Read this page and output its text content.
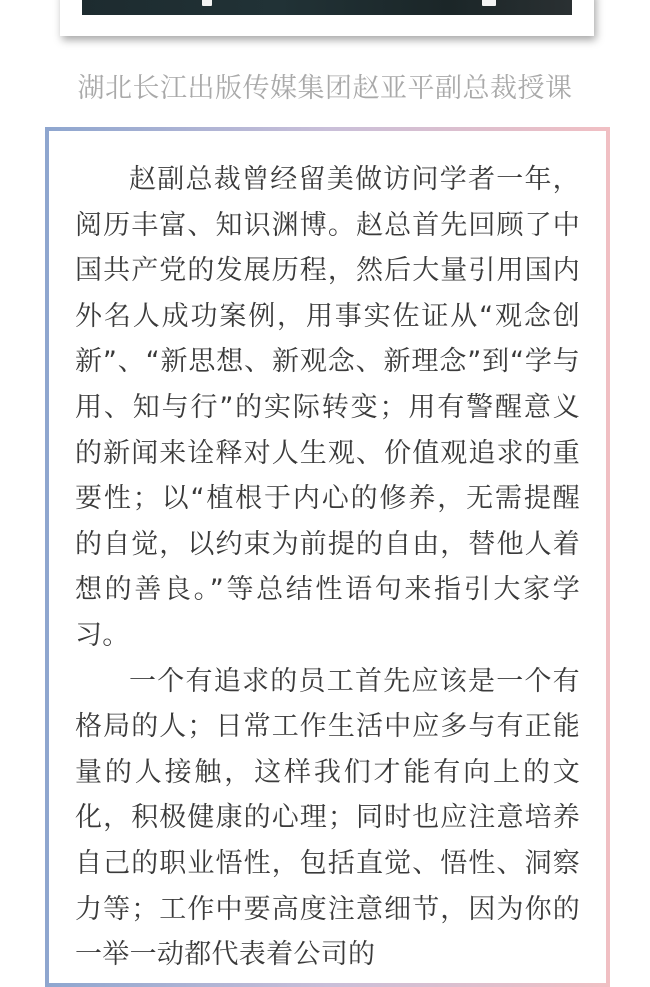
湖北长江出版传媒集团赵亚平副总裁授课

赵副总裁曾经留美做访问学者一年，阅历丰富、知识渊博。赵总首先回顾了中国共产党的发展历程，然后大量引用国内外名人成功案例，用事实佐证从“观念创新”、“新思想、新观念、新理念”到“学与用、知与行”的实际转变；用有警醒意义的新闻来诠释对人生观、价值观追求的重要性；以“植根于内心的修养，无需提醒的自觉，以约束为前提的自由，替他人着想的善良。”等总结性语句来指引大家学习。

一个有追求的员工首先应该是一个有格局的人；日常工作生活中应多与有正能量的人接触，这样我们才能有向上的文化，积极健康的心理；同时也应注意培养自己的职业悟性，包括直觉、悟性、洞察力等；工作中要高度注意细节，因为你的一举一动都代表着公司的
